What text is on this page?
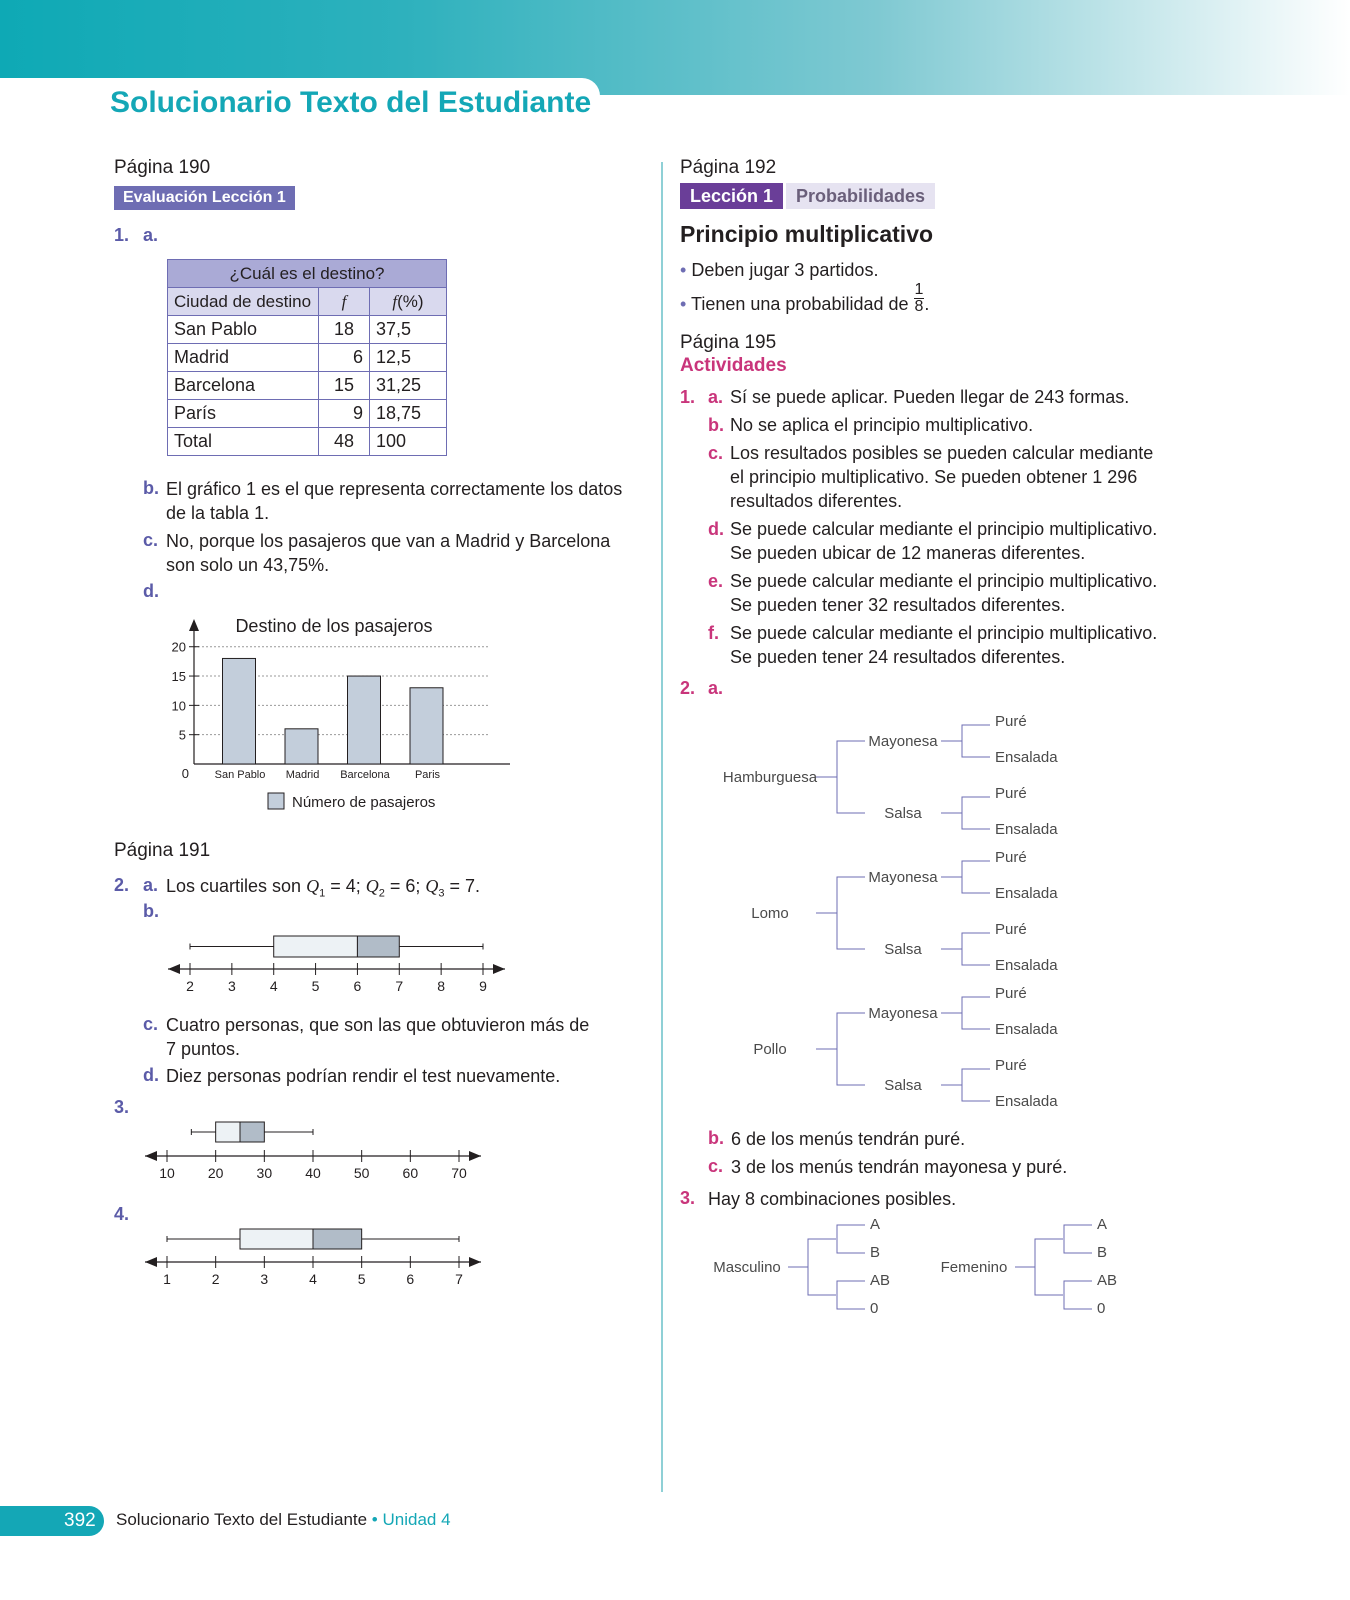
Solucionario Texto del Estudiante
Página 190
Evaluación Lección 1
1. a.
¿Cuál es el destino?		
Ciudad de destino	f	f(%)
San Pablo	18	37,5
Madrid	6	12,5
Barcelona	15	31,25
París	9	18,75
Total	48	100
b. El gráfico 1 es el que representa correctamente los datos
de la tabla 1.
c. No, porque los pasajeros que van a Madrid y Barcelona
son solo un 43,75%.
d.
Destino de los pasajeros
0
5
10
15
20
San Pablo Madrid Barcelona Paris
Número de pasajeros
Página 191
2. a. Los cuartiles son $Q_1 = 4$; $Q_2 = 6$; $Q_3 = 7$.
b.
2 3 4 5 6 7 8 9
c. Cuatro personas, que son las que obtuvieron más de
7 puntos.
d. Diez personas podrían rendir el test nuevamente.
3.
10 20 30 40 50 60 70
4.
1	2	3	4	5	6	7
Página 192
Lección 1 Probabilidades
Principio multiplicativo
• Deben jugar 3 partidos.
• Tienen una probabilidad de $\frac{1}{8}$ .
Página 195
Actividades
1. a. Sí se puede aplicar. Pueden llegar de 243 formas.
b. No se aplica el principio multiplicativo.
c. Los resultados posibles se pueden calcular mediante
el principio multiplicativo. Se pueden obtener 1 296
resultados diferentes.
d. Se puede calcular mediante el principio multiplicativo.
Se pueden ubicar de 12 maneras diferentes.
e. Se puede calcular mediante el principio multiplicativo.
Se pueden tener 32 resultados diferentes.
f. Se puede calcular mediante el principio multiplicativo.
Se pueden tener 24 resultados diferentes.
2. a.
Hamburguesa
Mayonesa
Puré
Ensalada
Salsa
Puré
Ensalada
Lomo
Mayonesa
Puré
Ensalada
Salsa
Puré
Ensalada
Pollo
Mayonesa
Puré
Ensalada
Salsa
Puré
Ensalada
b. 6 de los menús tendrán puré.
c. 3 de los menús tendrán mayonesa y puré.
3. Hay 8 combinaciones posibles.
Masculino
A
B
AB
0
Femenino
A
B
AB
0
392 Solucionario Texto del Estudiante • Unidad 4
